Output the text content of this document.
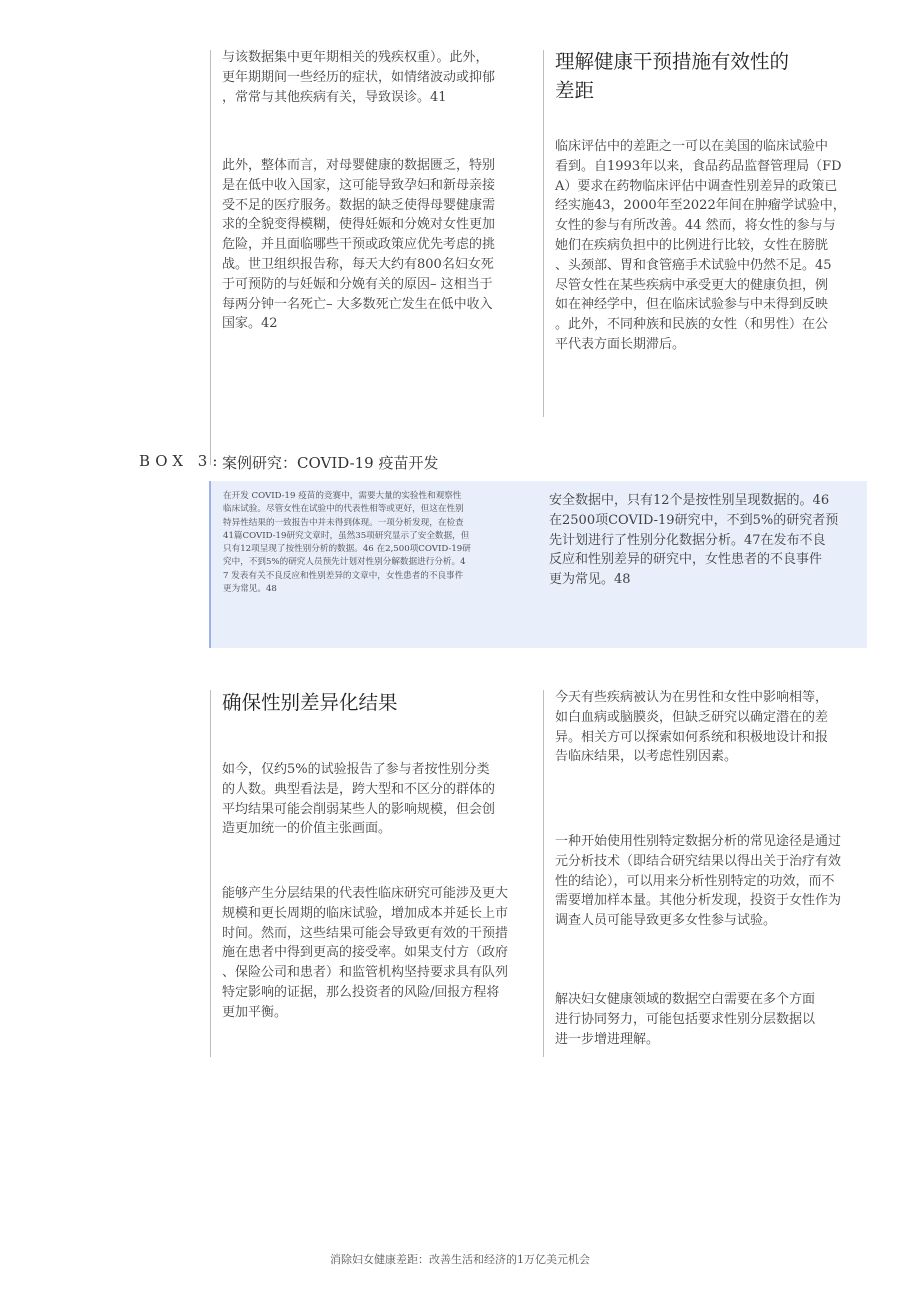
与该数据集中更年期相关的残疾权重）。此外，
更年期期间一些经历的症状，如情绪波动或抑郁
，常常与其他疾病有关，导致误诊。41

此外，整体而言，对母婴健康的数据匮乏，特别
是在低中收入国家，这可能导致孕妇和新母亲接
受不足的医疗服务。数据的缺乏使得母婴健康需
求的全貌变得模糊，使得妊娠和分娩对女性更加
危险，并且面临哪些干预或政策应优先考虑的挑
战。世卫组织报告称，每天大约有800名妇女死
于可预防的与妊娠和分娩有关的原因– 这相当于
每两分钟一名死亡– 大多数死亡发生在低中收入
国家。42

理解健康干预措施有效性的
差距

临床评估中的差距之一可以在美国的临床试验中
看到。自1993年以来，食品药品监督管理局（FD
A）要求在药物临床评估中调查性别差异的政策已
经实施43，2000年至2022年间在肿瘤学试验中，
女性的参与有所改善。44 然而，将女性的参与与
她们在疾病负担中的比例进行比较，女性在膀胱
、头颈部、胃和食管癌手术试验中仍然不足。45
尽管女性在某些疾病中承受更大的健康负担，例
如在神经学中，但在临床试验参与中未得到反映
。此外，不同种族和民族的女性（和男性）在公
平代表方面长期滞后。

BOX 3: 案例研究：COVID-19 疫苗开发

在开发 COVID-19 疫苗的竞赛中，需要大量的实验性和观察性
临床试验。尽管女性在试验中的代表性相等或更好，但这在性别
特异性结果的一致报告中并未得到体现。一项分析发现，在检查
41篇COVID-19研究文章时，虽然35项研究显示了安全数据，但
只有12项呈现了按性别分析的数据。46 在2,500项COVID-19研
究中，不到5%的研究人员预先计划对性别分解数据进行分析。4
7 发表有关不良反应和性别差异的文章中，女性患者的不良事件
更为常见。48

安全数据中，只有12个是按性别呈现数据的。46
在2500项COVID-19研究中，不到5%的研究者预
先计划进行了性别分化数据分析。47在发布不良
反应和性别差异的研究中，女性患者的不良事件
更为常见。48

确保性别差异化结果

如今，仅约5%的试验报告了参与者按性别分类
的人数。典型看法是，跨大型和不区分的群体的
平均结果可能会削弱某些人的影响规模，但会创
造更加统一的价值主张画面。

能够产生分层结果的代表性临床研究可能涉及更大
规模和更长周期的临床试验，增加成本并延长上市
时间。然而，这些结果可能会导致更有效的干预措
施在患者中得到更高的接受率。如果支付方（政府
、保险公司和患者）和监管机构坚持要求具有队列
特定影响的证据，那么投资者的风险/回报方程将
更加平衡。

今天有些疾病被认为在男性和女性中影响相等，
如白血病或脑膜炎，但缺乏研究以确定潜在的差
异。相关方可以探索如何系统和积极地设计和报
告临床结果，以考虑性别因素。

一种开始使用性别特定数据分析的常见途径是通过
元分析技术（即结合研究结果以得出关于治疗有效
性的结论），可以用来分析性别特定的功效，而不
需要增加样本量。其他分析发现，投资于女性作为
调查人员可能导致更多女性参与试验。

解决妇女健康领域的数据空白需要在多个方面
进行协同努力，可能包括要求性别分层数据以
进一步增进理解。

消除妇女健康差距：改善生活和经济的1万亿美元机会
